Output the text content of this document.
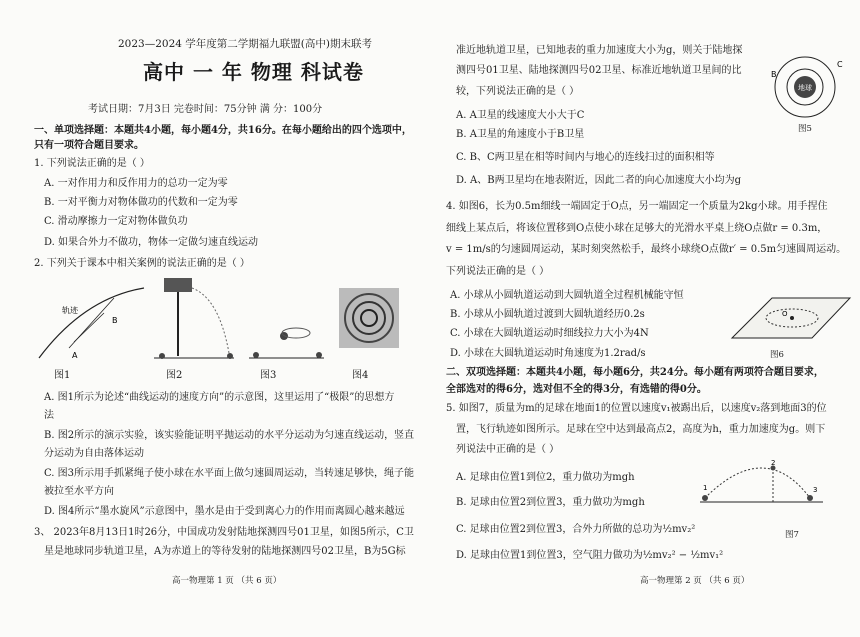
2023—2024 学年度第二学期福九联盟(高中)期末联考
高中 一 年 物理 科试卷
考试日期：7月3日 完卷时间：75分钟 满 分：100分
一、单项选择题：本题共4小题，每小题4分，共16分。在每小题给出的四个选项中，
只有一项符合题目要求。
1. 下列说法正确的是（ ）
A. 一对作用力和反作用力的总功一定为零
B. 一对平衡力对物体做功的代数和一定为零
C. 滑动摩擦力一定对物体做负功
D. 如果合外力不做功，物体一定做匀速直线运动
2. 下列关于课本中相关案例的说法正确的是（ ）
轨迹
A
B
图1	图2	图3	图4
A. 图1所示为论述“曲线运动的速度方向”的示意图，这里运用了“极限”的思想方
法
B. 图2所示的演示实验，该实验能证明平抛运动的水平分运动为匀速直线运动，竖直
分运动为自由落体运动
C. 图3所示用手抓紧绳子使小球在水平面上做匀速圆周运动，当转速足够快，绳子能
被拉至水平方向
D. 图4所示“墨水旋风”示意图中，墨水是由于受到离心力的作用而离圆心越来越远
3、 2023年8月13日1时26分，中国成功发射陆地探测四号01卫星，如图5所示，C卫
星是地球同步轨道卫星，A为赤道上的等待发射的陆地探测四号02卫星，B为5G标
高一物理第 1 页 （共 6 页）
准近地轨道卫星，已知地表的重力加速度大小为g，则关于陆地探
测四号01卫星、陆地探测四号02卫星、标准近地轨道卫星间的比
较，下列说法正确的是（ ）
A. A卫星的线速度大小大于C
B. A卫星的角速度小于B卫星
C. B、C两卫星在相等时间内与地心的连线扫过的面积相等
D. A、B两卫星均在地表附近，因此二者的向心加速度大小均为g
地球
B
C
图5
4. 如图6，长为0.5m细线一端固定于O点，另一端固定一个质量为2kg小球。用手捏住
细线上某点后，将该位置移到O点使小球在足够大的光滑水平桌上绕O点做r = 0.3m，
v = 1m/s的匀速圆周运动，某时刻突然松手，最终小球绕O点做r′ = 0.5m匀速圆周运动。
下列说法正确的是（ ）
A. 小球从小圆轨道运动到大圆轨道全过程机械能守恒
B. 小球从小圆轨道过渡到大圆轨道经历0.2s
C. 小球在大圆轨道运动时细线拉力大小为4N
D. 小球在大圆轨道运动时角速度为1.2rad/s
O
图6
二、双项选择题：本题共4小题，每小题6分，共24分。每小题有两项符合题目要求，
全部选对的得6分，选对但不全的得3分，有选错的得0分。
5. 如图7，质量为m的足球在地面1的位置以速度v₁被踢出后，以速度v₂落到地面3的位
置，飞行轨迹如图所示。足球在空中达到最高点2，高度为h，重力加速度为g。则下
列说法中正确的是（ ）
A. 足球由位置1到位2，重力做功为mgh
B. 足球由位置2到位置3，重力做功为mgh
C. 足球由位置2到位置3，合外力所做的总功为½mv₂²
D. 足球由位置1到位置3，空气阻力做功为½mv₂² − ½mv₁²
1
2
3
图7
高一物理第 2 页 （共 6 页）
